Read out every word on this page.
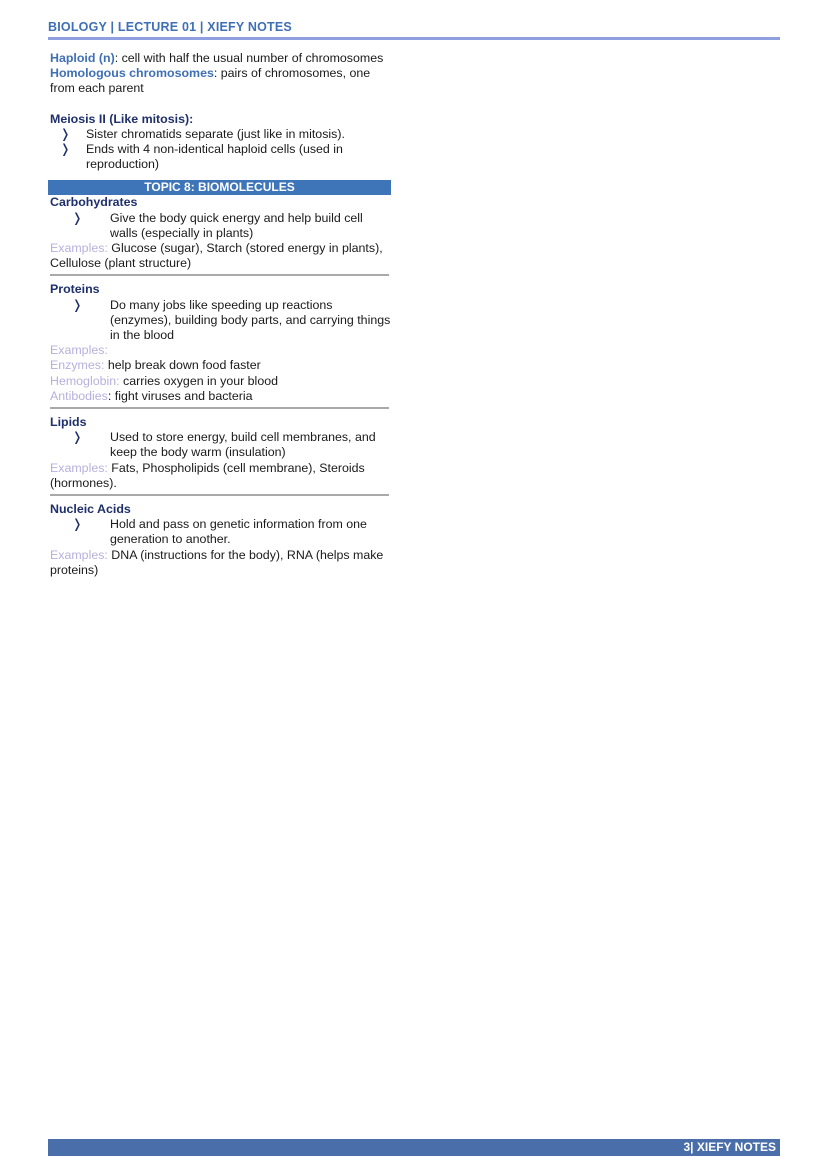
BIOLOGY | LECTURE 01 | XIEFY NOTES
Haploid (n): cell with half the usual number of chromosomes
Homologous chromosomes: pairs of chromosomes, one from each parent
Meiosis II (Like mitosis):
❭	Sister chromatids separate (just like in mitosis).
❭	Ends with 4 non-identical haploid cells (used in reproduction)
TOPIC 8: BIOMOLECULES
Carbohydrates
❭	Give the body quick energy and help build cell walls (especially in plants)
Examples: Glucose (sugar), Starch (stored energy in plants), Cellulose (plant structure)
Proteins
❭	Do many jobs like speeding up reactions (enzymes), building body parts, and carrying things in the blood
Examples:
Enzymes: help break down food faster
Hemoglobin: carries oxygen in your blood
Antibodies: fight viruses and bacteria
Lipids
❭	Used to store energy, build cell membranes, and keep the body warm (insulation)
Examples: Fats, Phospholipids (cell membrane), Steroids (hormones).
Nucleic Acids
❭	Hold and pass on genetic information from one generation to another.
Examples: DNA (instructions for the body), RNA (helps make proteins)
3| XIEFY NOTES
